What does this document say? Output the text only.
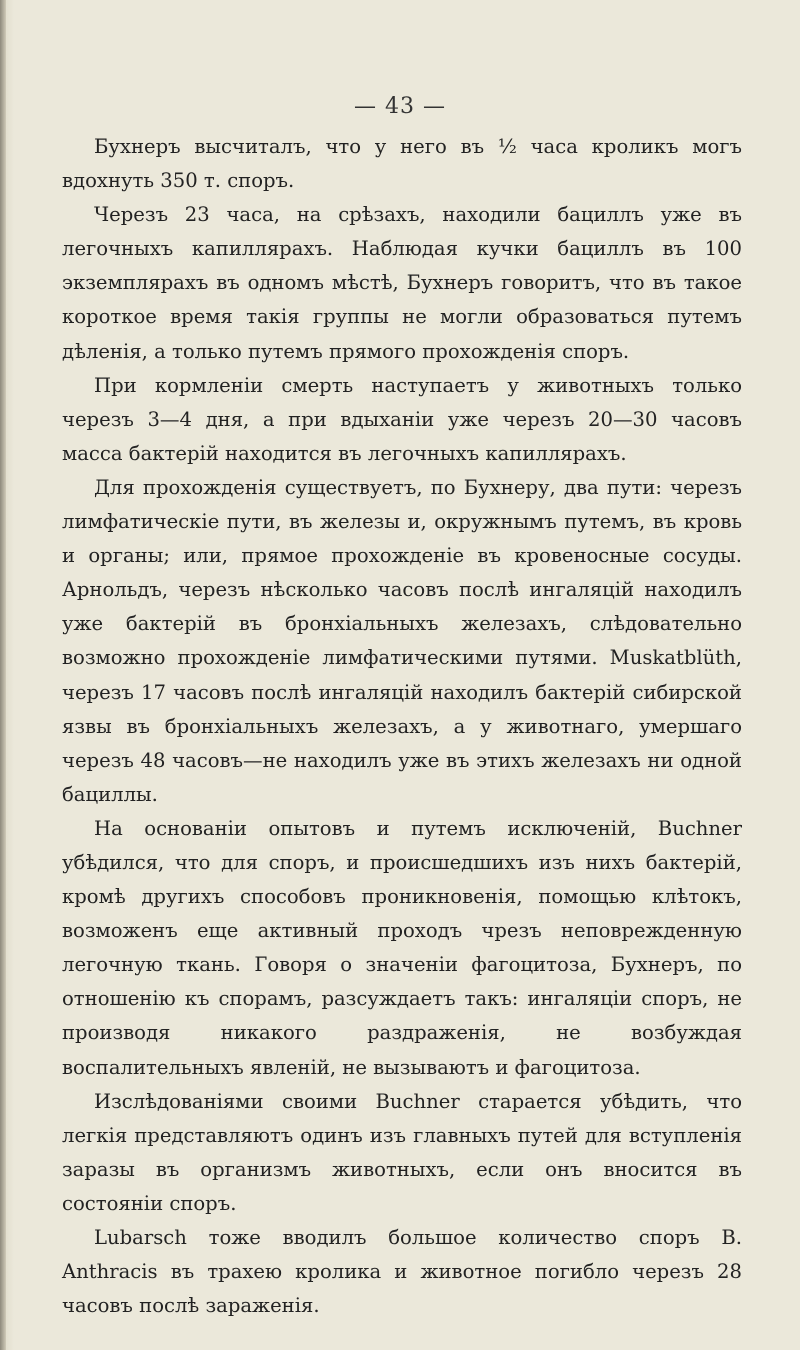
— 43 —

Бухнеръ высчиталъ, что у него въ ½ часа кроликъ могъ вдохнуть 350 т. споръ.

Черезъ 23 часа, на срѣзахъ, находили бациллъ уже въ легочныхъ капиллярахъ. Наблюдая кучки бациллъ въ 100 экземплярахъ въ одномъ мѣстѣ, Бухнеръ говоритъ, что въ такое короткое время такія группы не могли образоваться путемъ дѣленія, а только путемъ прямого прохожденія споръ.

При кормленіи смерть наступаетъ у животныхъ только черезъ 3—4 дня, а при вдыханіи уже черезъ 20—30 часовъ масса бактерій находится въ легочныхъ капиллярахъ.

Для прохожденія существуетъ, по Бухнеру, два пути: черезъ лимфатическіе пути, въ железы и, окружнымъ путемъ, въ кровь и органы; или, прямое прохожденіе въ кровеносные сосуды. Арнольдъ, черезъ нѣсколько часовъ послѣ ингаляцій находилъ уже бактерій въ бронхіальныхъ железахъ, слѣдовательно возможно прохожденіе лимфатическими путями. Muskatblüth, черезъ 17 часовъ послѣ ингаляцій находилъ бактерій сибирской язвы въ бронхіальныхъ железахъ, а у животнаго, умершаго черезъ 48 часовъ—не находилъ уже въ этихъ железахъ ни одной бациллы.

На основаніи опытовъ и путемъ исключеній, Buchner убѣдился, что для споръ, и происшедшихъ изъ нихъ бактерій, кромѣ другихъ способовъ проникновенія, помощью клѣтокъ, возможенъ еще активный проходъ чрезъ неповрежденную легочную ткань. Говоря о значеніи фагоцитоза, Бухнеръ, по отношенію къ спорамъ, разсуждаетъ такъ: ингаляціи споръ, не производя никакого раздраженія, не возбуждая воспалительныхъ явленій, не вызываютъ и фагоцитоза.

Изслѣдованіями своими Buchner старается убѣдить, что легкія представляютъ одинъ изъ главныхъ путей для вступленія заразы въ организмъ животныхъ, если онъ вносится въ состояніи споръ.

Lubarsch тоже вводилъ большое количество споръ B. Anthracis въ трахею кролика и животное погибло черезъ 28 часовъ послѣ зараженія.
